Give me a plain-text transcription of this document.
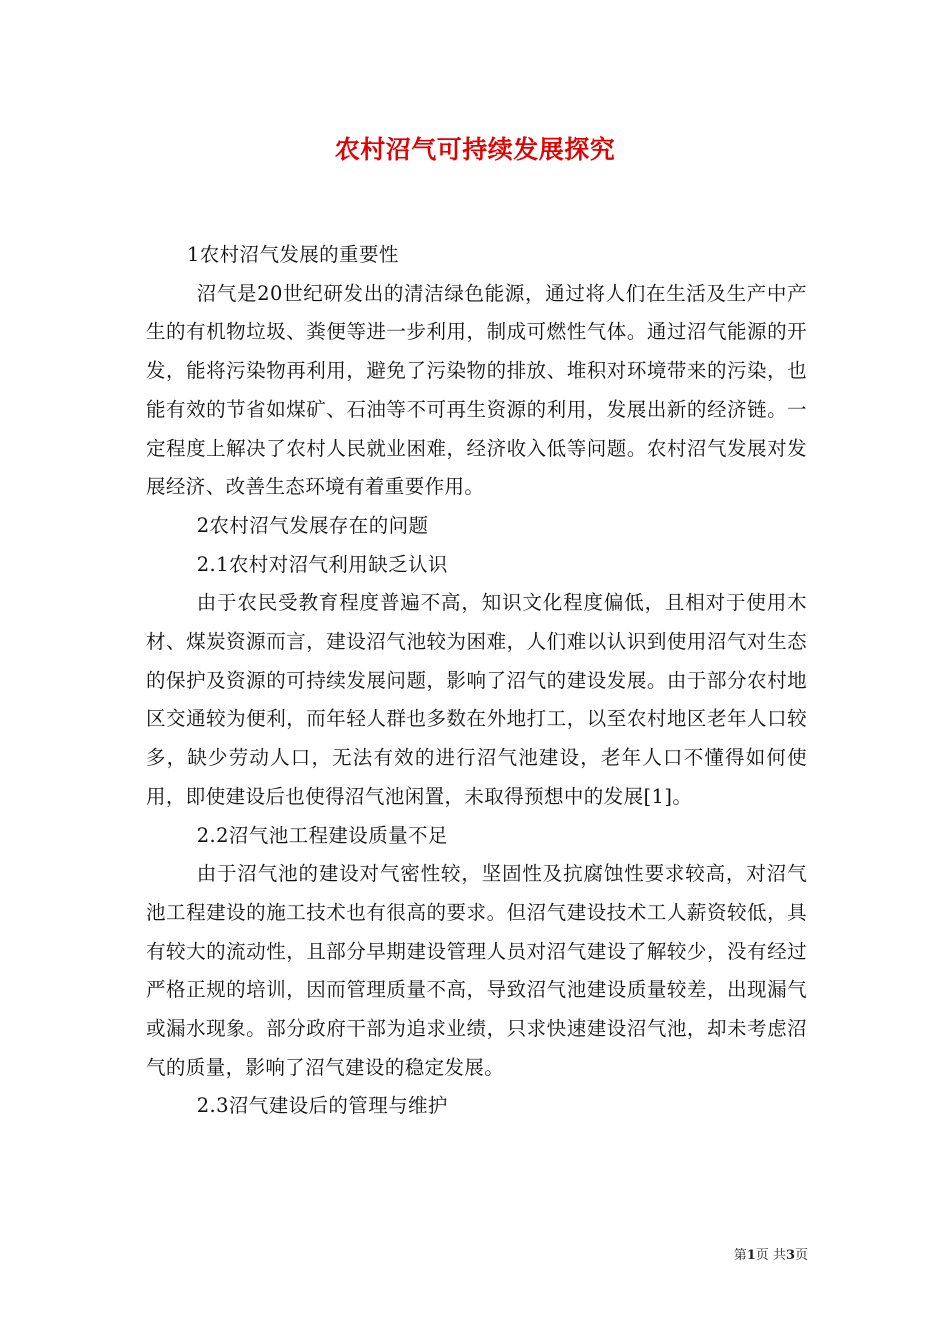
农村沼气可持续发展探究

1农村沼气发展的重要性

沼气是20世纪研发出的清洁绿色能源，通过将人们在生活及生产中产生的有机物垃圾、粪便等进一步利用，制成可燃性气体。通过沼气能源的开发，能将污染物再利用，避免了污染物的排放、堆积对环境带来的污染，也能有效的节省如煤矿、石油等不可再生资源的利用，发展出新的经济链。一定程度上解决了农村人民就业困难，经济收入低等问题。农村沼气发展对发展经济、改善生态环境有着重要作用。

2农村沼气发展存在的问题

2.1农村对沼气利用缺乏认识

由于农民受教育程度普遍不高，知识文化程度偏低，且相对于使用木材、煤炭资源而言，建设沼气池较为困难，人们难以认识到使用沼气对生态的保护及资源的可持续发展问题，影响了沼气的建设发展。由于部分农村地区交通较为便利，而年轻人群也多数在外地打工，以至农村地区老年人口较多，缺少劳动人口，无法有效的进行沼气池建设，老年人口不懂得如何使用，即使建设后也使得沼气池闲置，未取得预想中的发展[1]。

2.2沼气池工程建设质量不足

由于沼气池的建设对气密性较，坚固性及抗腐蚀性要求较高，对沼气池工程建设的施工技术也有很高的要求。但沼气建设技术工人薪资较低，具有较大的流动性，且部分早期建设管理人员对沼气建设了解较少，没有经过严格正规的培训，因而管理质量不高，导致沼气池建设质量较差，出现漏气或漏水现象。部分政府干部为追求业绩，只求快速建设沼气池，却未考虑沼气的质量，影响了沼气建设的稳定发展。

2.3沼气建设后的管理与维护

第1页 共3页
